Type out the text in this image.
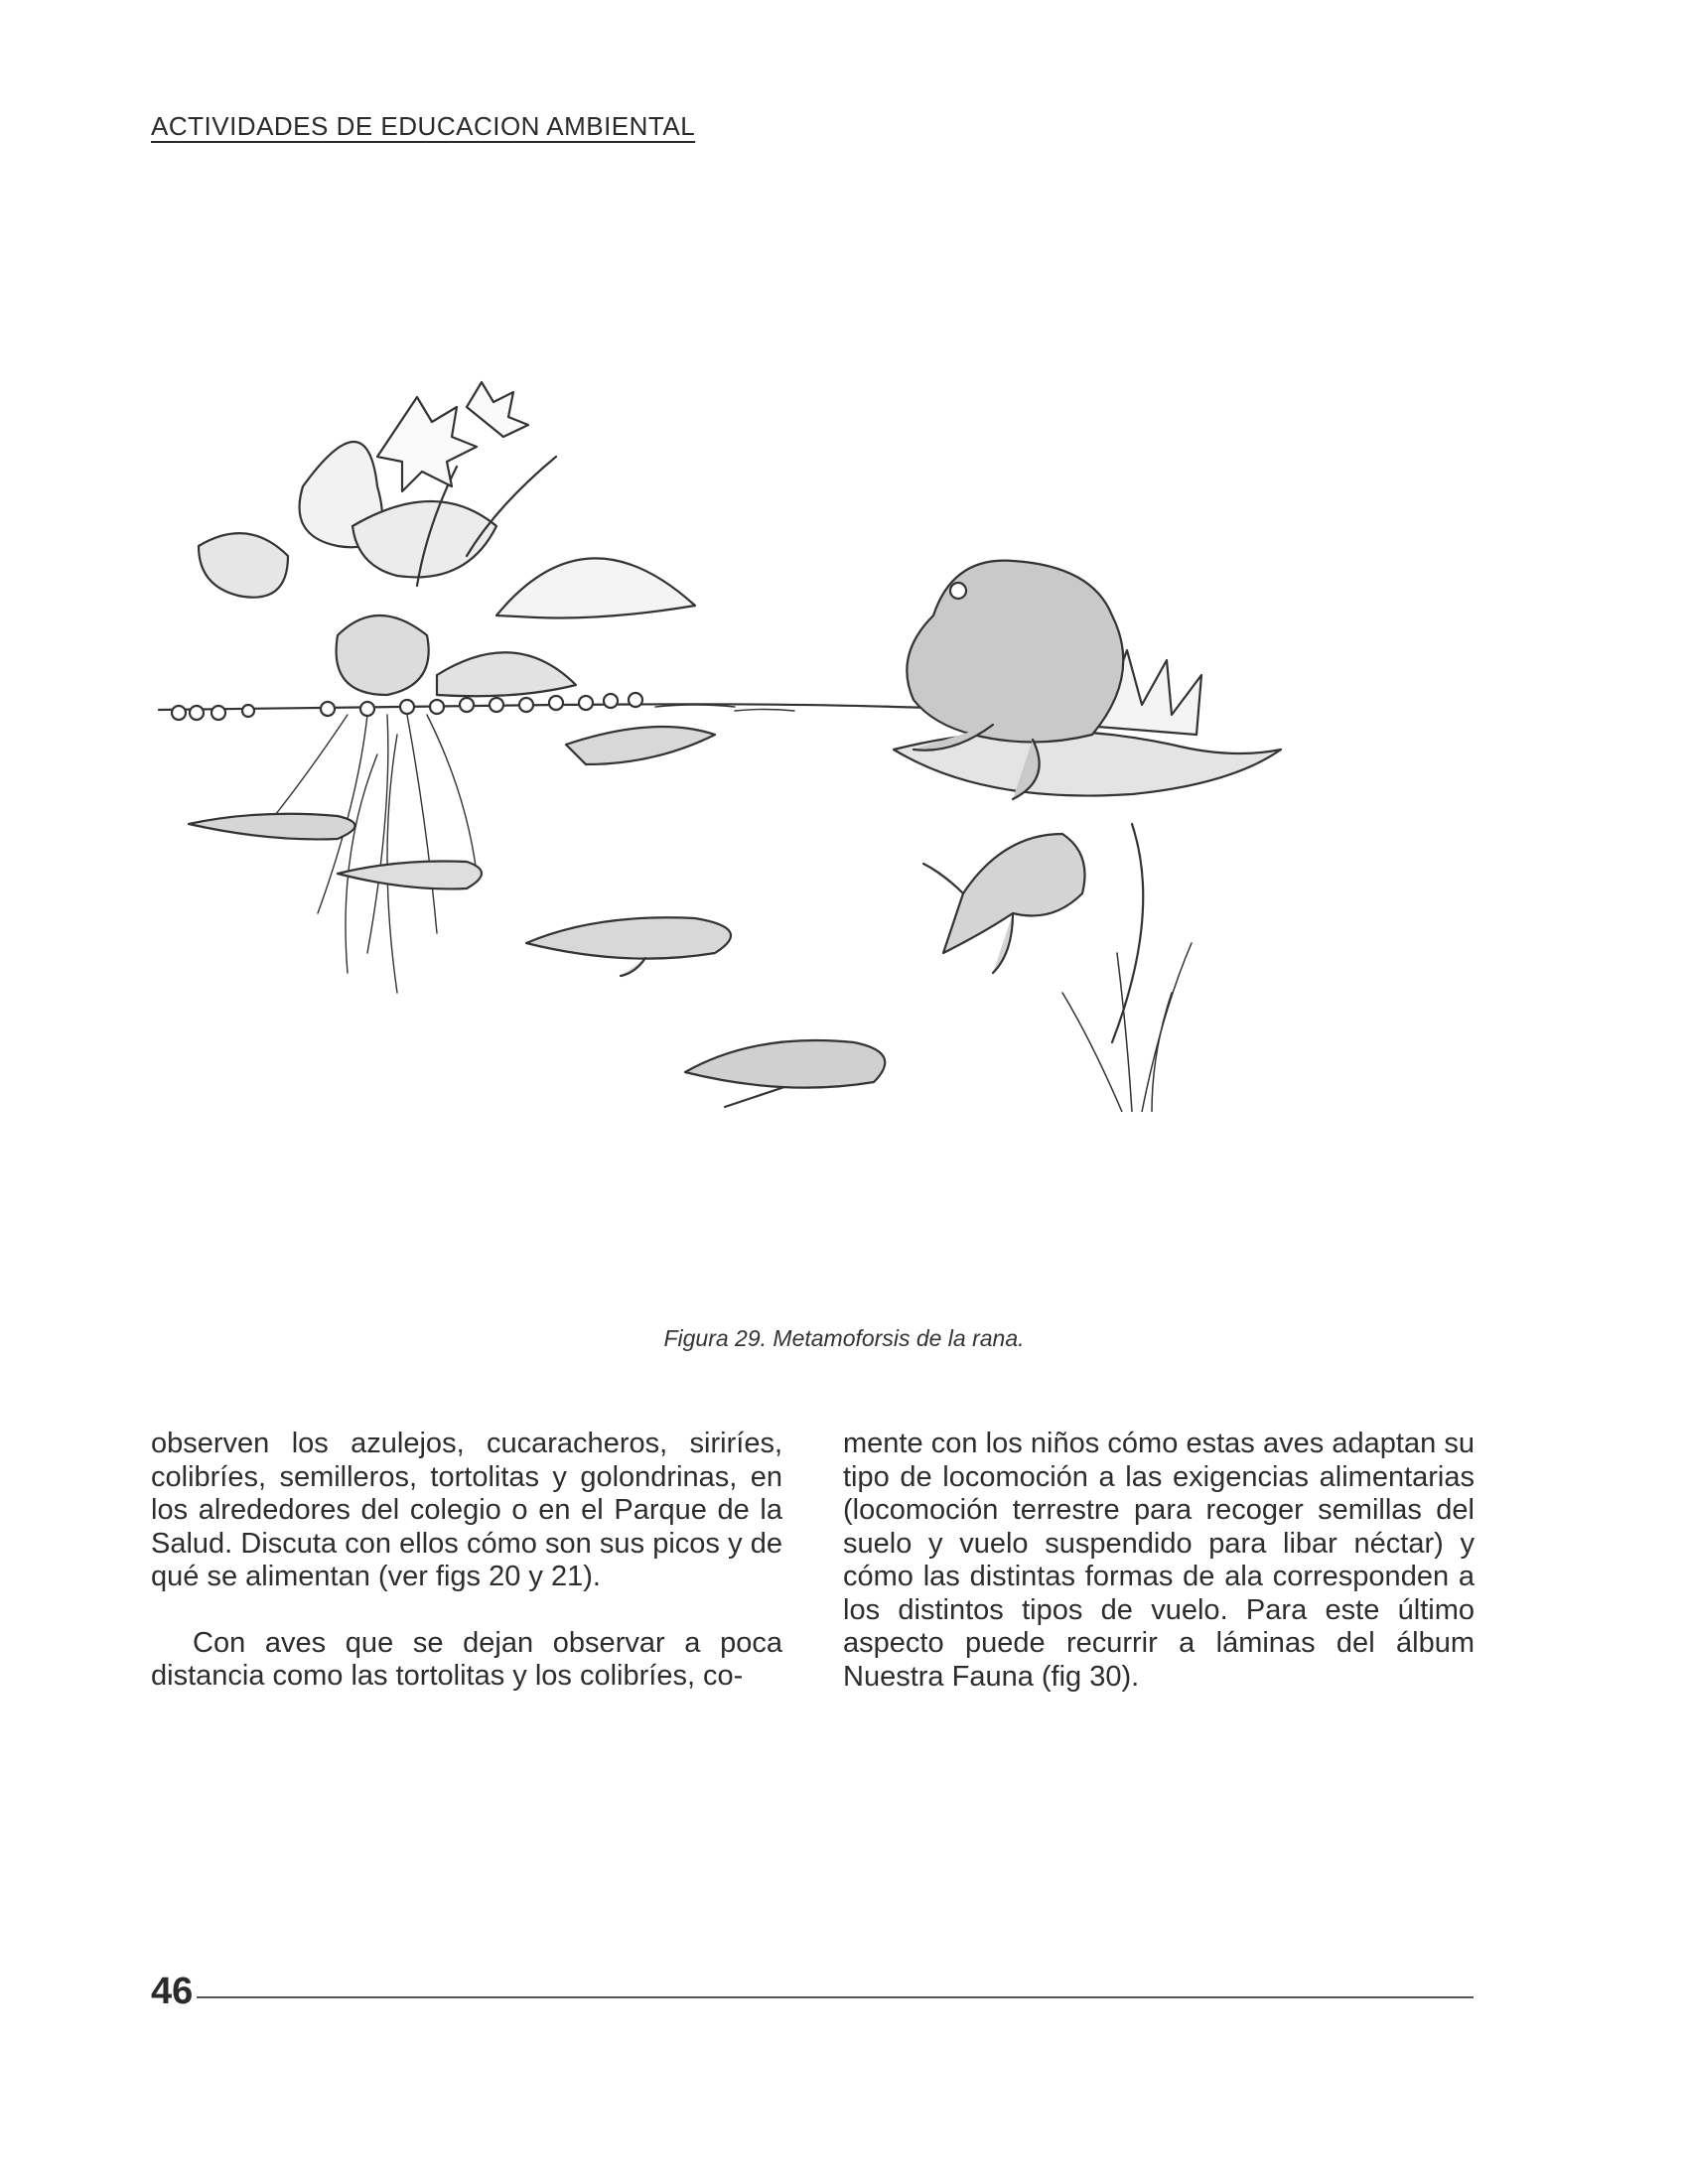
ACTIVIDADES DE EDUCACION AMBIENTAL
Figura 29. Metamoforsis de la rana.

observen los azulejos, cucaracheros, siriríes, colibríes, semilleros, tortolitas y golondrinas, en los alrededores del colegio o en el Parque de la Salud. Discuta con ellos cómo son sus picos y de qué se alimentan (ver figs 20 y 21).

Con aves que se dejan observar a poca distancia como las tortolitas y los colibríes, co-

mente con los niños cómo estas aves adaptan su tipo de locomoción a las exigencias alimentarias (locomoción terrestre para recoger semillas del suelo y vuelo suspendido para libar néctar) y cómo las distintas formas de ala corresponden a los distintos tipos de vuelo. Para este último aspecto puede recurrir a láminas del álbum Nuestra Fauna (fig 30).

46
